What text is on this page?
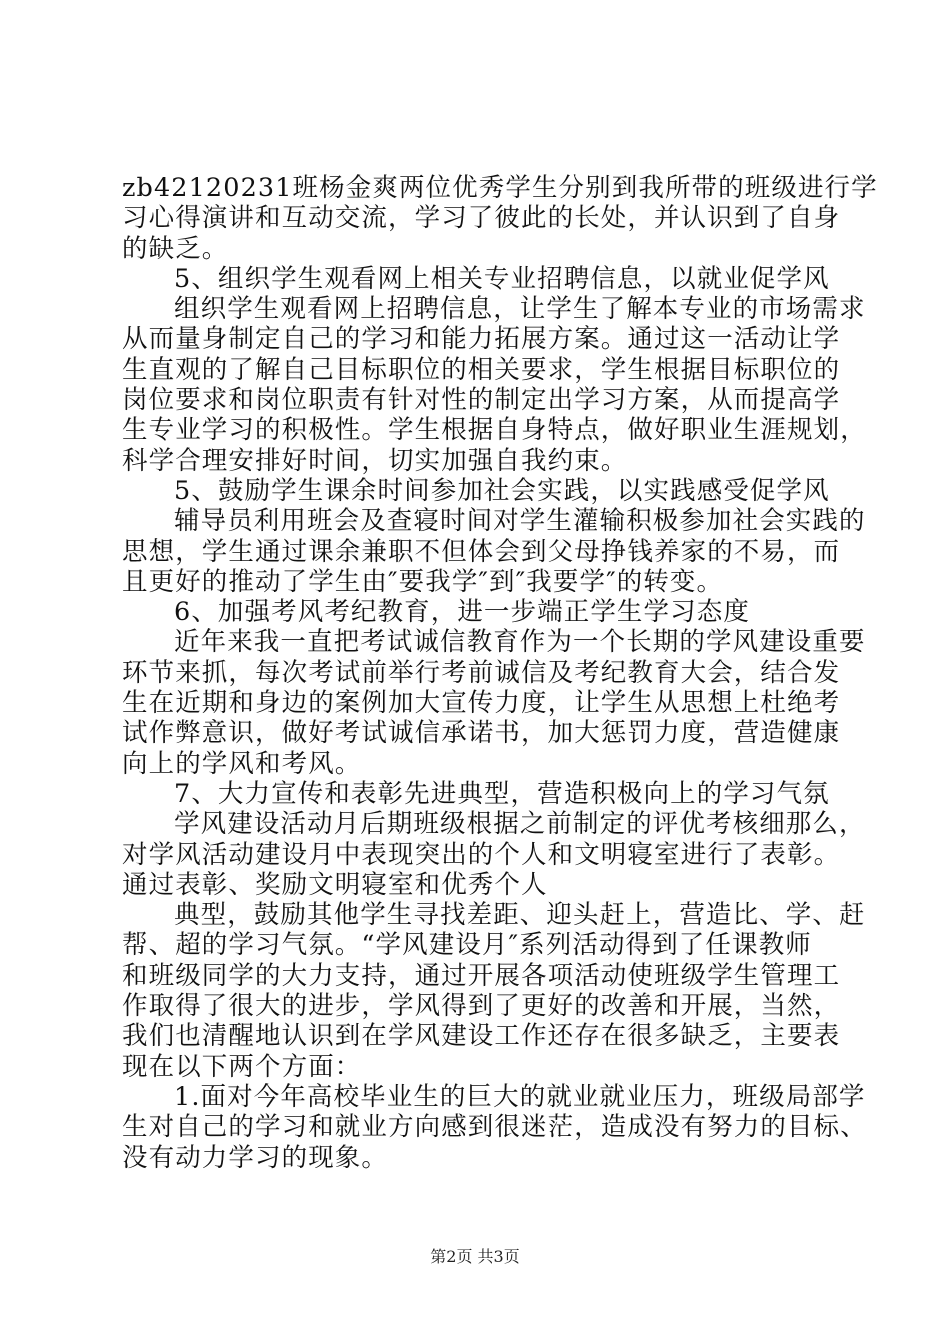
zb42120231班杨金爽两位优秀学生分别到我所带的班级进行学
习心得演讲和互动交流，学习了彼此的长处，并认识到了自身
的缺乏。
5、组织学生观看网上相关专业招聘信息，以就业促学风
组织学生观看网上招聘信息，让学生了解本专业的市场需求
从而量身制定自己的学习和能力拓展方案。通过这一活动让学
生直观的了解自己目标职位的相关要求，学生根据目标职位的
岗位要求和岗位职责有针对性的制定出学习方案，从而提高学
生专业学习的积极性。学生根据自身特点，做好职业生涯规划，
科学合理安排好时间，切实加强自我约束。
5、鼓励学生课余时间参加社会实践，以实践感受促学风
辅导员利用班会及查寝时间对学生灌输积极参加社会实践的
思想，学生通过课余兼职不但体会到父母挣钱养家的不易，而
且更好的推动了学生由″要我学″到″我要学″的转变。
6、加强考风考纪教育，进一步端正学生学习态度
近年来我一直把考试诚信教育作为一个长期的学风建设重要
环节来抓，每次考试前举行考前诚信及考纪教育大会，结合发
生在近期和身边的案例加大宣传力度，让学生从思想上杜绝考
试作弊意识，做好考试诚信承诺书，加大惩罚力度，营造健康
向上的学风和考风。
7、大力宣传和表彰先进典型，营造积极向上的学习气氛
学风建设活动月后期班级根据之前制定的评优考核细那么，
对学风活动建设月中表现突出的个人和文明寝室进行了表彰。
通过表彰、奖励文明寝室和优秀个人
典型，鼓励其他学生寻找差距、迎头赶上，营造比、学、赶
帮、超的学习气氛。“学风建设月″系列活动得到了任课教师
和班级同学的大力支持，通过开展各项活动使班级学生管理工
作取得了很大的进步，学风得到了更好的改善和开展，当然，
我们也清醒地认识到在学风建设工作还存在很多缺乏，主要表
现在以下两个方面：
1.面对今年高校毕业生的巨大的就业就业压力，班级局部学
生对自己的学习和就业方向感到很迷茫，造成没有努力的目标、
没有动力学习的现象。
第2页 共3页
